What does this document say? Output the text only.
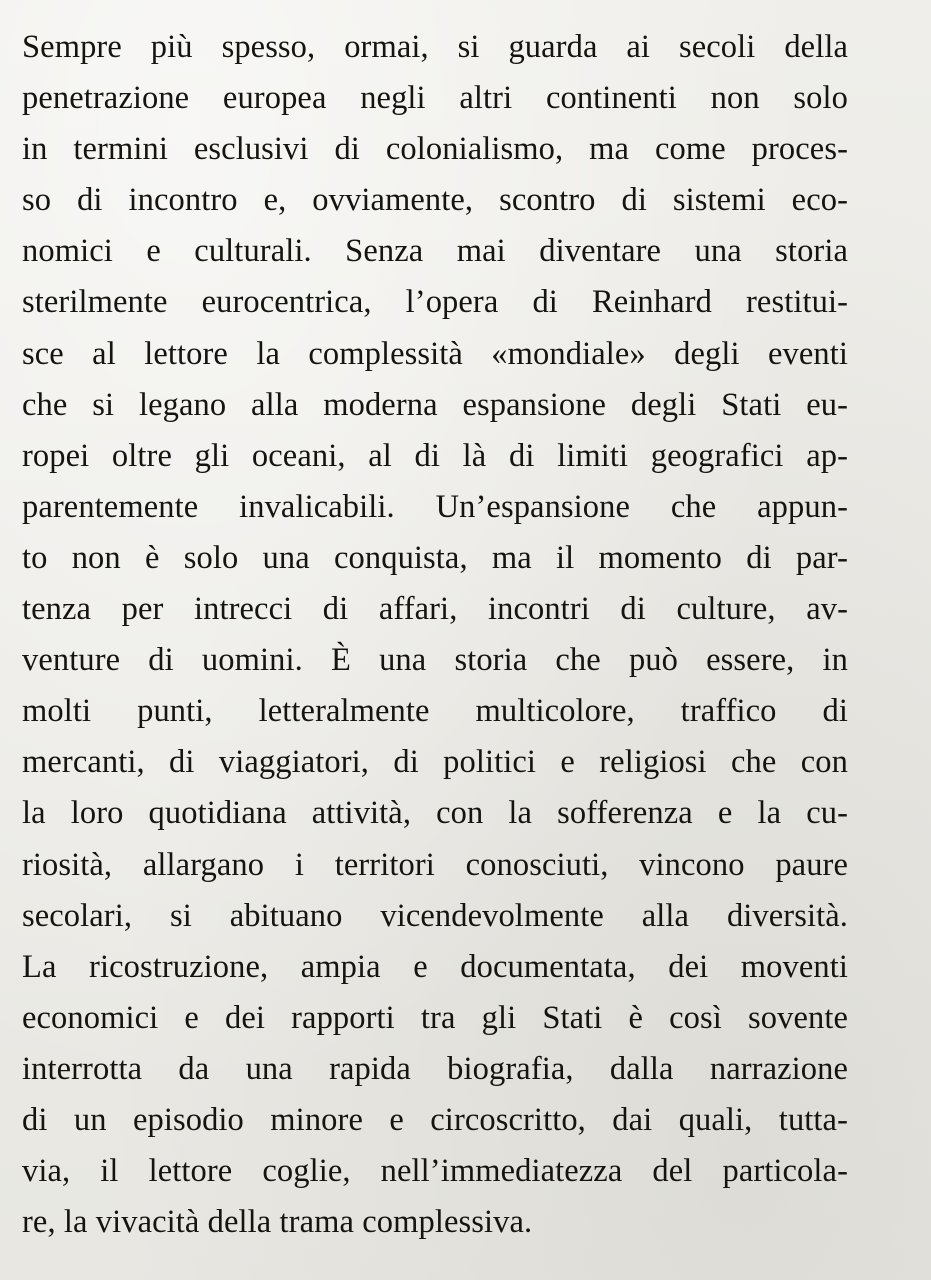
Sempre più spesso, ormai, si guarda ai secoli della
penetrazione europea negli altri continenti non solo
in termini esclusivi di colonialismo, ma come proces-
so di incontro e, ovviamente, scontro di sistemi eco-
nomici e culturali. Senza mai diventare una storia
sterilmente eurocentrica, l’opera di Reinhard restitui-
sce al lettore la complessità «mondiale» degli eventi
che si legano alla moderna espansione degli Stati eu-
ropei oltre gli oceani, al di là di limiti geografici ap-
parentemente invalicabili. Un’espansione che appun-
to non è solo una conquista, ma il momento di par-
tenza per intrecci di affari, incontri di culture, av-
venture di uomini. È una storia che può essere, in
molti punti, letteralmente multicolore, traffico di
mercanti, di viaggiatori, di politici e religiosi che con
la loro quotidiana attività, con la sofferenza e la cu-
riosità, allargano i territori conosciuti, vincono paure
secolari, si abituano vicendevolmente alla diversità.
La ricostruzione, ampia e documentata, dei moventi
economici e dei rapporti tra gli Stati è così sovente
interrotta da una rapida biografia, dalla narrazione
di un episodio minore e circoscritto, dai quali, tutta-
via, il lettore coglie, nell’immediatezza del particola-
re, la vivacità della trama complessiva.
